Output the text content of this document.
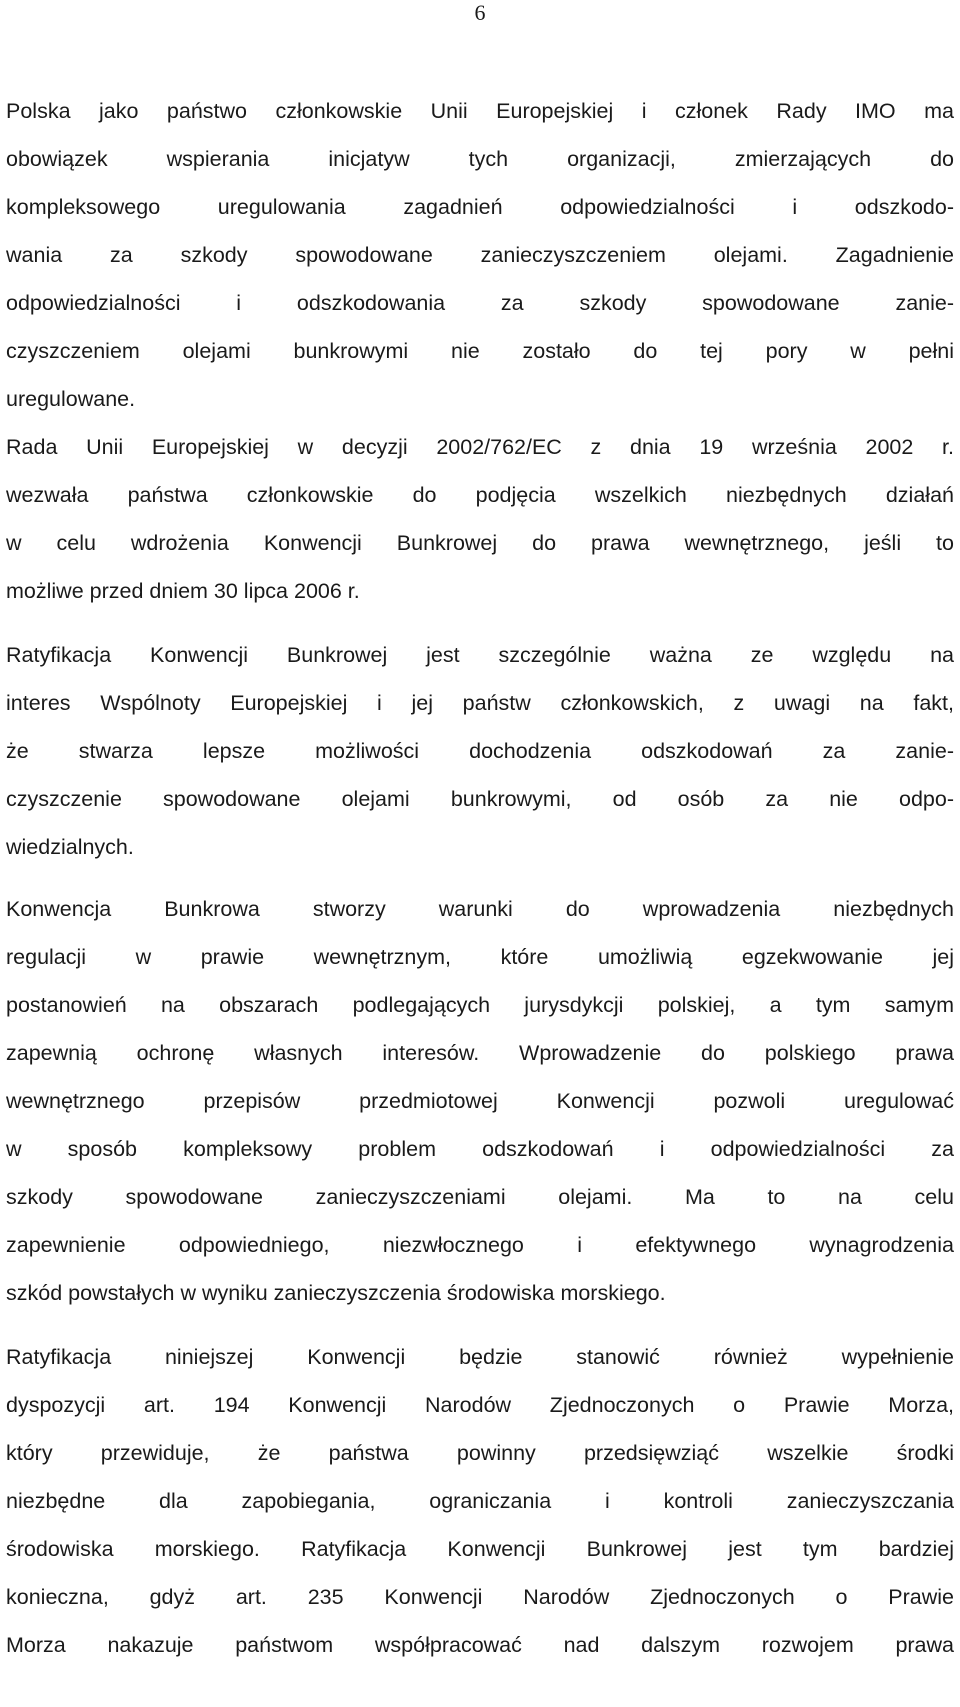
6
Polska jako państwo członkowskie Unii Europejskiej i członek Rady IMO ma
obowiązek wspierania inicjatyw tych organizacji, zmierzających do
kompleksowego uregulowania zagadnień odpowiedzialności i odszkodo-
wania za szkody spowodowane zanieczyszczeniem olejami. Zagadnienie
odpowiedzialności i odszkodowania za szkody spowodowane zanie-
czyszczeniem olejami bunkrowymi nie zostało do tej pory w pełni
uregulowane.
Rada Unii Europejskiej w decyzji 2002/762/EC z dnia 19 września 2002 r.
wezwała państwa członkowskie do podjęcia wszelkich niezbędnych działań
w celu wdrożenia Konwencji Bunkrowej do prawa wewnętrznego, jeśli to
możliwe przed dniem 30 lipca 2006 r.
Ratyfikacja Konwencji Bunkrowej jest szczególnie ważna ze względu na
interes Wspólnoty Europejskiej i jej państw członkowskich, z uwagi na fakt,
że stwarza lepsze możliwości dochodzenia odszkodowań za zanie-
czyszczenie spowodowane olejami bunkrowymi, od osób za nie odpo-
wiedzialnych.
Konwencja Bunkrowa stworzy warunki do wprowadzenia niezbędnych
regulacji w prawie wewnętrznym, które umożliwią egzekwowanie jej
postanowień na obszarach podlegających jurysdykcji polskiej, a tym samym
zapewnią ochronę własnych interesów. Wprowadzenie do polskiego prawa
wewnętrznego przepisów przedmiotowej Konwencji pozwoli uregulować
w sposób kompleksowy problem odszkodowań i odpowiedzialności za
szkody spowodowane zanieczyszczeniami olejami. Ma to na celu
zapewnienie odpowiedniego, niezwłocznego i efektywnego wynagrodzenia
szkód powstałych w wyniku zanieczyszczenia środowiska morskiego.
Ratyfikacja niniejszej Konwencji będzie stanowić również wypełnienie
dyspozycji art. 194 Konwencji Narodów Zjednoczonych o Prawie Morza,
który przewiduje, że państwa powinny przedsięwziąć wszelkie środki
niezbędne dla zapobiegania, ograniczania i kontroli zanieczyszczania
środowiska morskiego. Ratyfikacja Konwencji Bunkrowej jest tym bardziej
konieczna, gdyż art. 235 Konwencji Narodów Zjednoczonych o Prawie
Morza nakazuje państwom współpracować nad dalszym rozwojem prawa
